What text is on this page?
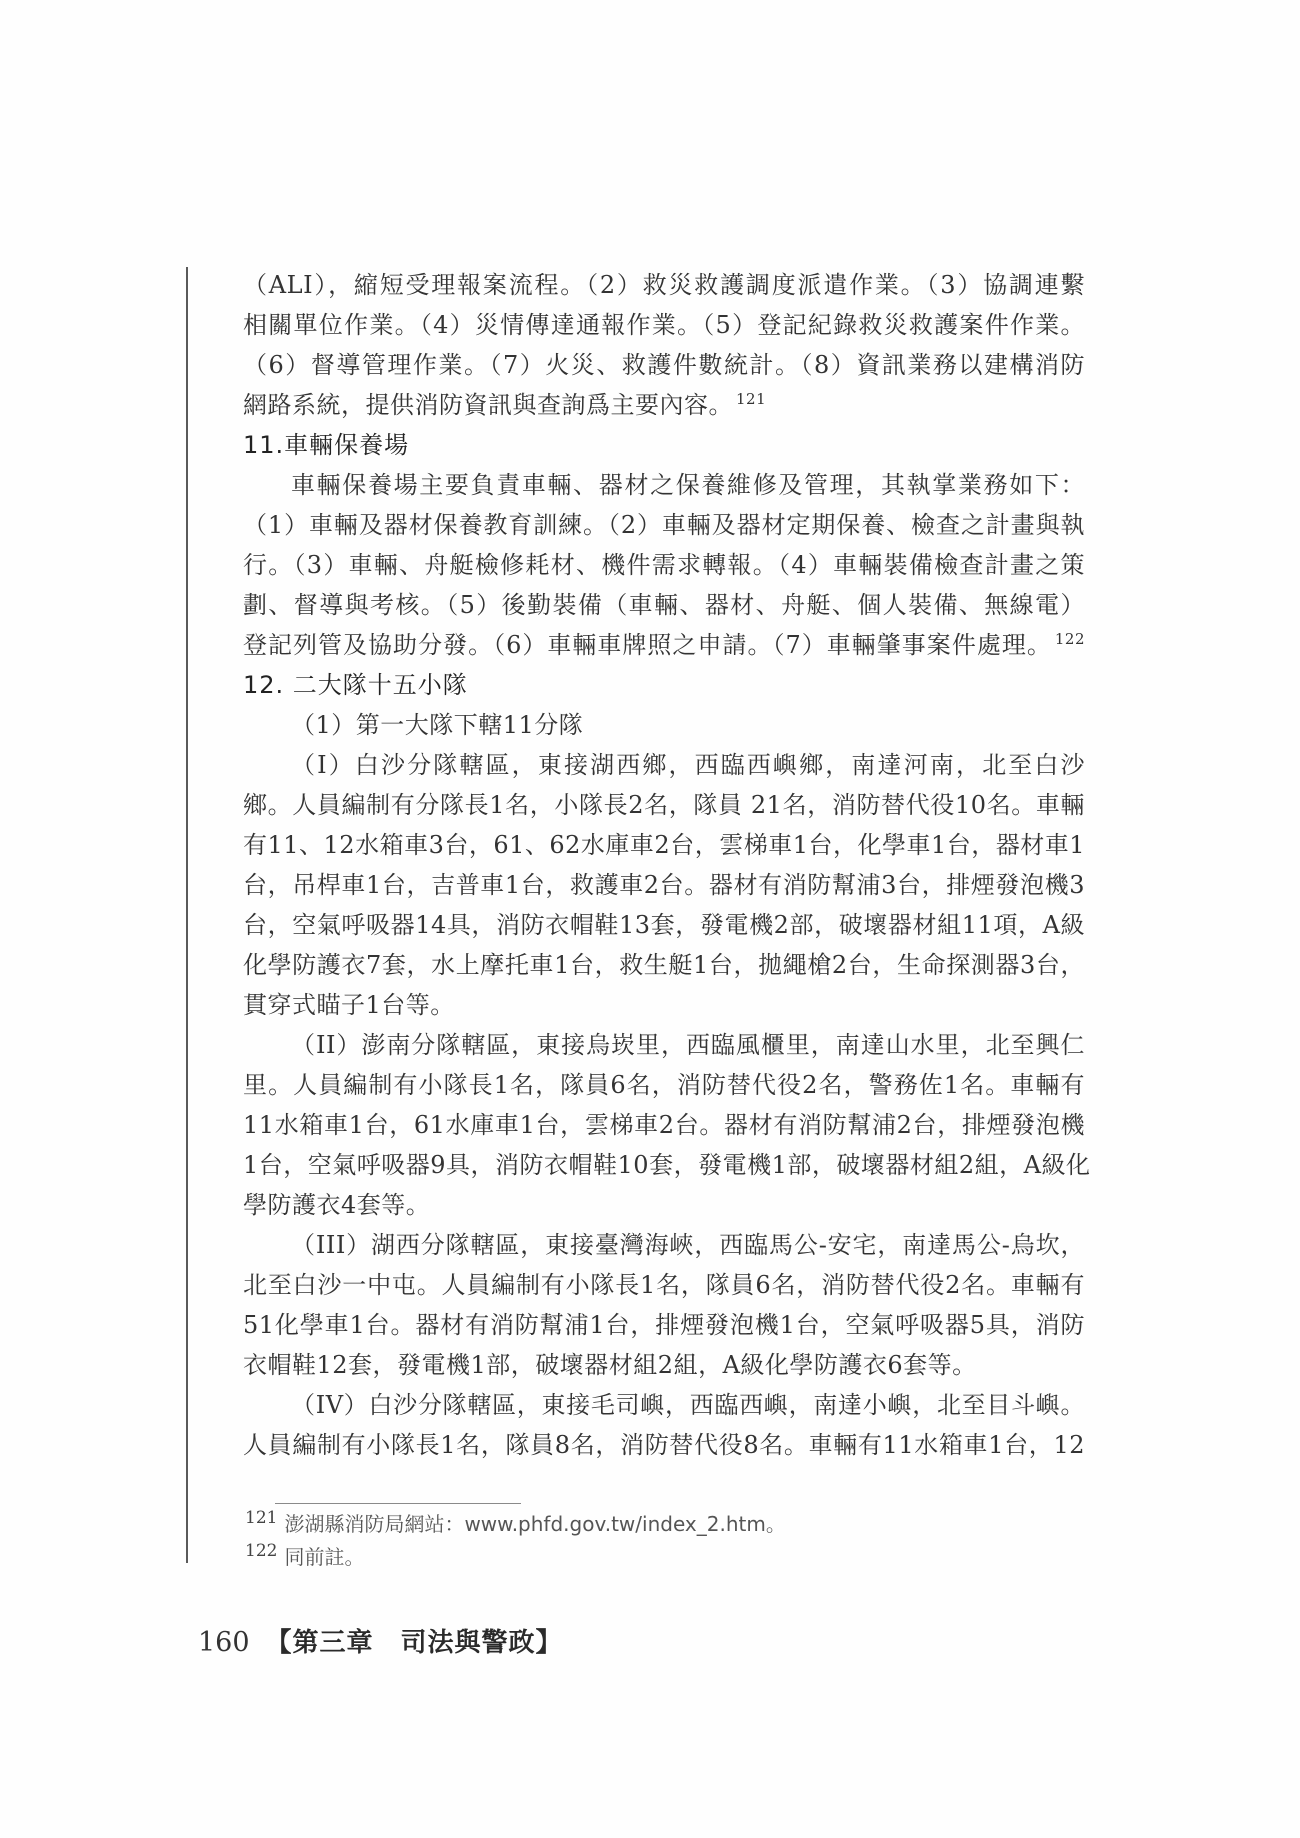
（ALI），縮短受理報案流程。（2）救災救護調度派遣作業。（3）協調連繫
相關單位作業。（4）災情傳達通報作業。（5）登記紀錄救災救護案件作業。
（6）督導管理作業。（7）火災、救護件數統計。（8）資訊業務以建構消防
網路系統，提供消防資訊與查詢爲主要內容。 $^{121}$
11.車輛保養場
車輛保養場主要負責車輛、器材之保養維修及管理，其執掌業務如下：
（1）車輛及器材保養教育訓練。（2）車輛及器材定期保養、檢查之計畫與執
行。（3）車輛、舟艇檢修耗材、機件需求轉報。（4）車輛裝備檢查計畫之策
劃、督導與考核。（5）後勤裝備（車輛、器材、舟艇、個人裝備、無線電）
登記列管及協助分發。（6）車輛車牌照之申請。（7）車輛肇事案件處理。 $^{122}$
12. 二大隊十五小隊
（1）第一大隊下轄11分隊
（I）白沙分隊轄區，東接湖西鄉，西臨西嶼鄉，南達河南，北至白沙
鄉。人員編制有分隊長1名，小隊長2名，隊員 21名，消防替代役10名。車輛
有11、12水箱車3台，61、62水庫車2台，雲梯車1台，化學車1台，器材車1
台，吊桿車1台，吉普車1台，救護車2台。器材有消防幫浦3台，排煙發泡機3
台，空氣呼吸器14具，消防衣帽鞋13套，發電機2部，破壞器材組11項，A級
化學防護衣7套，水上摩托車1台，救生艇1台，拋繩槍2台，生命探測器3台，
貫穿式瞄子1台等。
（II）澎南分隊轄區，東接烏崁里，西臨風櫃里，南達山水里，北至興仁
里。人員編制有小隊長1名，隊員6名，消防替代役2名，警務佐1名。車輛有
11水箱車1台，61水庫車1台，雲梯車2台。器材有消防幫浦2台，排煙發泡機
1台，空氣呼吸器9具，消防衣帽鞋10套，發電機1部，破壞器材組2組，A級化
學防護衣4套等。
（III）湖西分隊轄區，東接臺灣海峽，西臨馬公-安宅，南達馬公-烏坎，
北至白沙一中屯。人員編制有小隊長1名，隊員6名，消防替代役2名。車輛有
51化學車1台。器材有消防幫浦1台，排煙發泡機1台，空氣呼吸器5具，消防
衣帽鞋12套，發電機1部，破壞器材組2組，A級化學防護衣6套等。
（IV）白沙分隊轄區，東接毛司嶼，西臨西嶼，南達小嶼，北至目斗嶼。
人員編制有小隊長1名，隊員8名，消防替代役8名。車輛有11水箱車1台，12
$^{121}$ 澎湖縣消防局網站：www.phfd.gov.tw/index_2.htm。
$^{122}$ 同前註。
160 【第三章　司法與警政】
